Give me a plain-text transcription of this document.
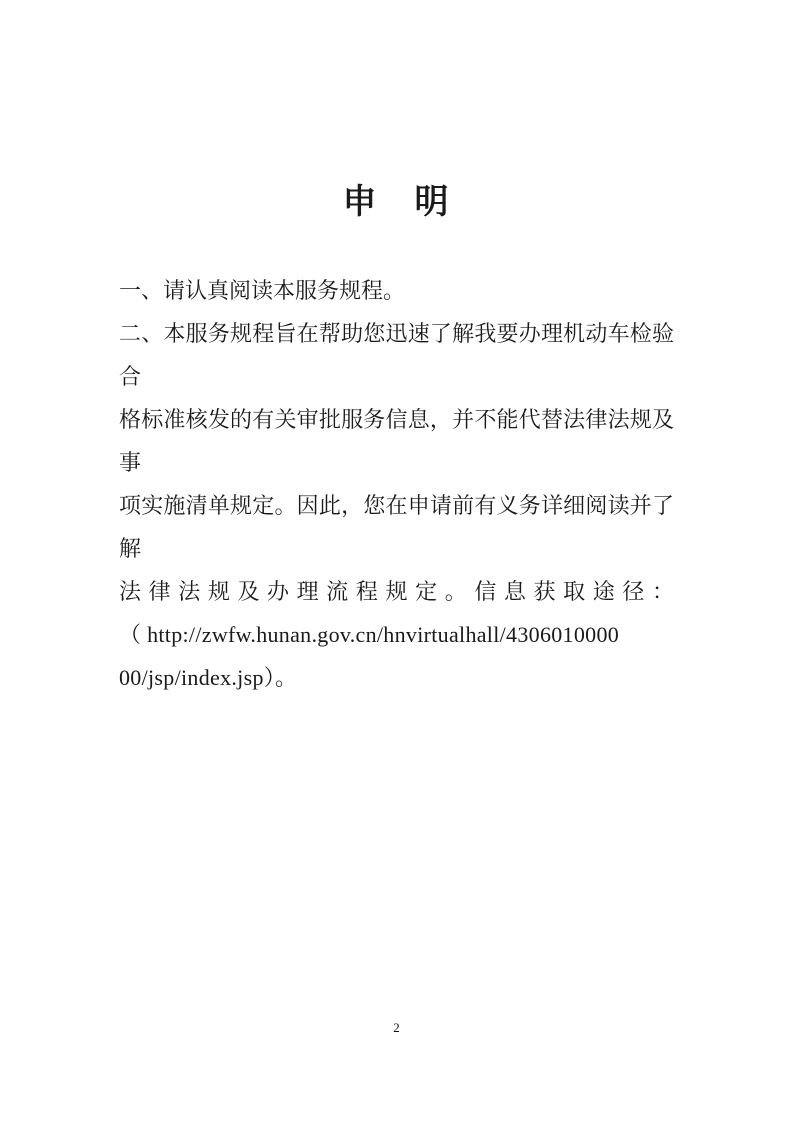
申　明
一、请认真阅读本服务规程。
二、本服务规程旨在帮助您迅速了解我要办理机动车检验合
格标准核发的有关审批服务信息，并不能代替法律法规及事
项实施清单规定。因此，您在申请前有义务详细阅读并了解
法律法规及办理流程规定。信息获取途径：
（ http://zwfw.hunan.gov.cn/hnvirtualhall/4306010000
00/jsp/index.jsp）。
2
